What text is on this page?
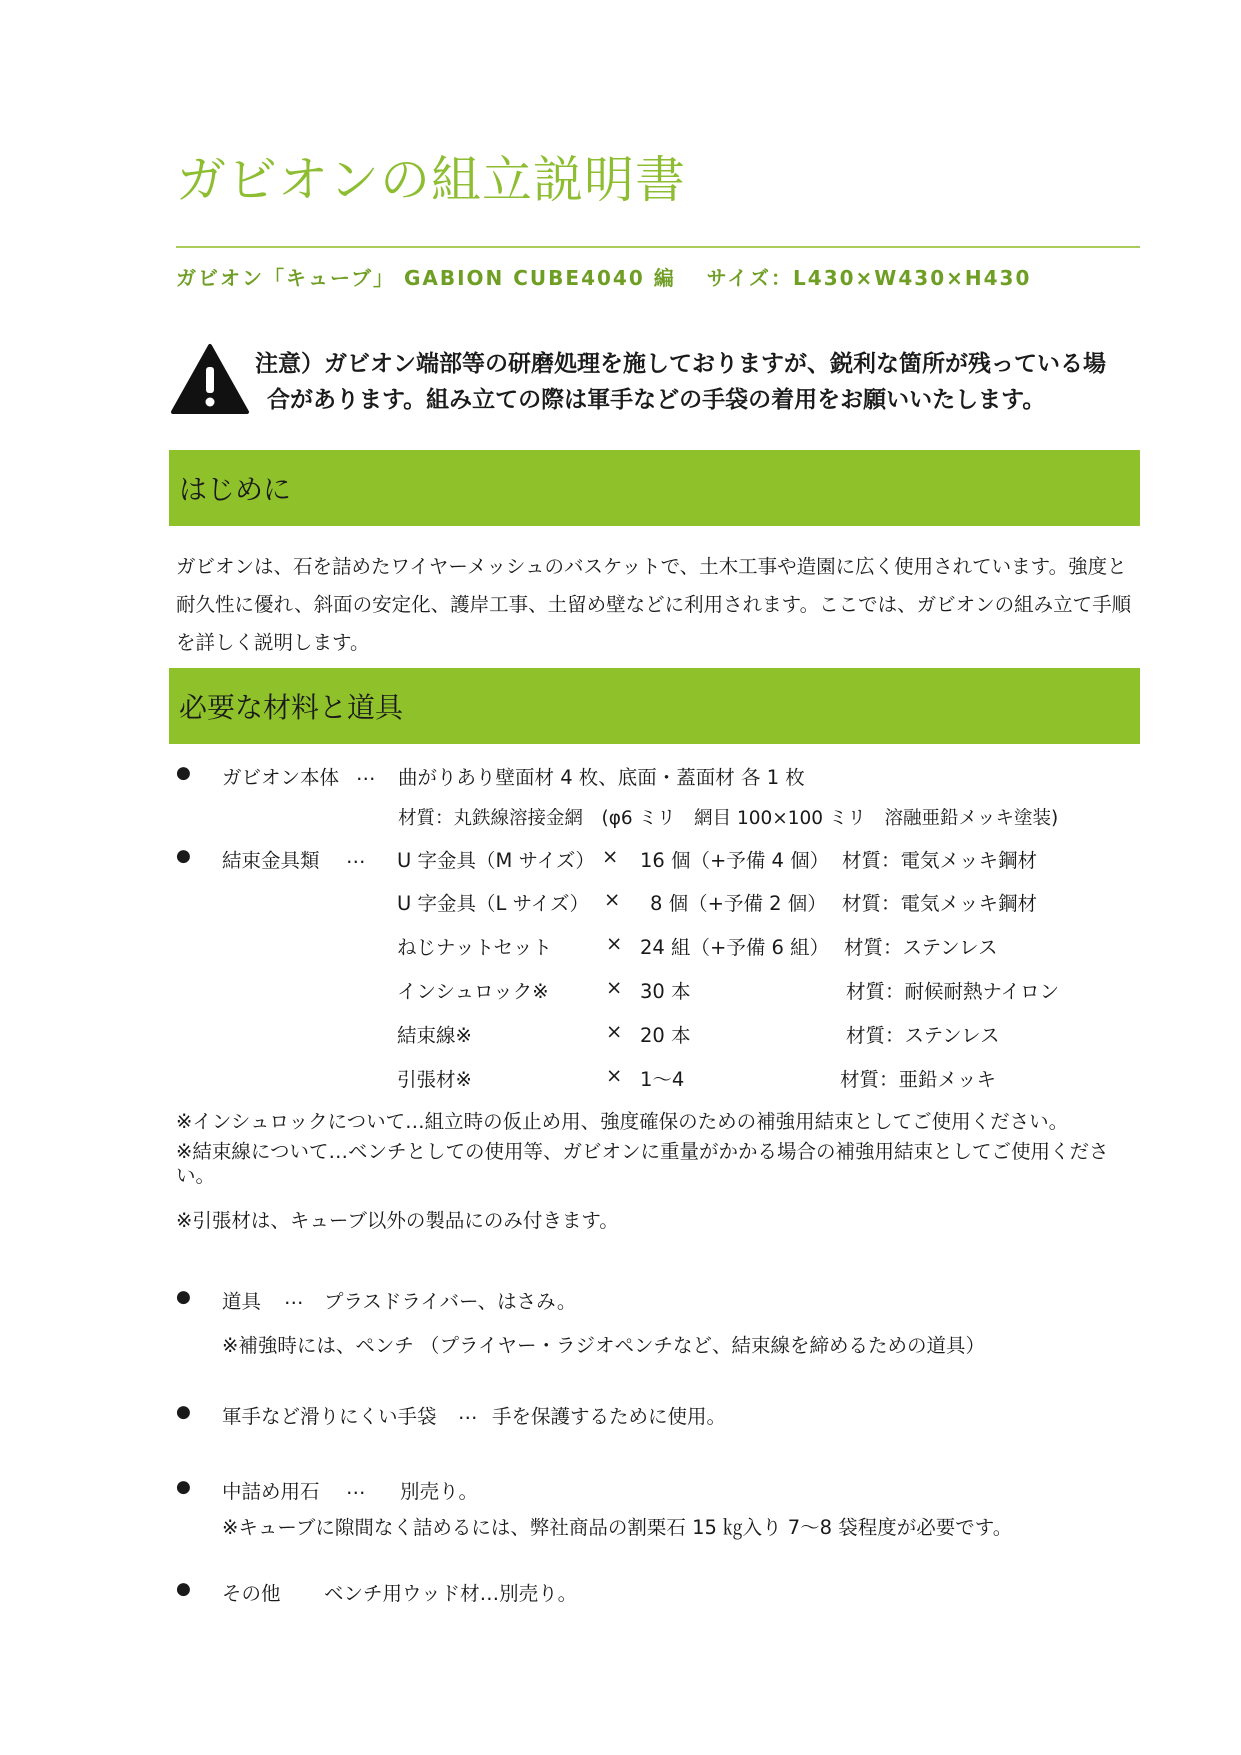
ガビオンの組立説明書
ガビオン「キューブ」 GABION CUBE4040 編　 サイズ：L430×W430×H430
注意）ガビオン端部等の研磨処理を施しておりますが、鋭利な箇所が残っている場
合があります。組み立ての際は軍手などの手袋の着用をお願いいたします。
はじめに
ガビオンは、石を詰めたワイヤーメッシュのバスケットで、土木工事や造園に広く使用されています。強度と耐久性に優れ、斜面の安定化、護岸工事、土留め壁などに利用されます。ここでは、ガビオンの組み立て手順を詳しく説明します。
必要な材料と道具
● ガビオン本体 … 曲がりあり壁面材 4 枚、底面・蓋面材 各 1 枚
材質：丸鉄線溶接金網　(φ6 ミリ　網目 100×100 ミリ　溶融亜鉛メッキ塗装)
● 結束金具類 … U 字金具（M サイズ） × 16 個（+予備 4 個） 材質：電気メッキ鋼材
U 字金具（L サイズ） × 8 個（+予備 2 個） 材質：電気メッキ鋼材
ねじナットセット	× 24 組（+予備 6 組） 材質：ステンレス
インシュロック※	× 30 本	材質：耐候耐熱ナイロン
結束線※	× 20 本	材質：ステンレス
引張材※	× 1～4	材質：亜鉛メッキ
※インシュロックについて…組立時の仮止め用、強度確保のための補強用結束としてご使用ください。
※結束線について…ベンチとしての使用等、ガビオンに重量がかかる場合の補強用結束としてご使用ください。
※引張材は、キューブ以外の製品にのみ付きます。
● 道具 … プラスドライバー、はさみ。
※補強時には、ペンチ （プライヤー・ラジオペンチなど、結束線を締めるための道具）
● 軍手など滑りにくい手袋 … 手を保護するために使用。
● 中詰め用石 … 別売り。
※キューブに隙間なく詰めるには、弊社商品の割栗石 15 ㎏入り 7～8 袋程度が必要です。
● その他 ベンチ用ウッド材…別売り。
